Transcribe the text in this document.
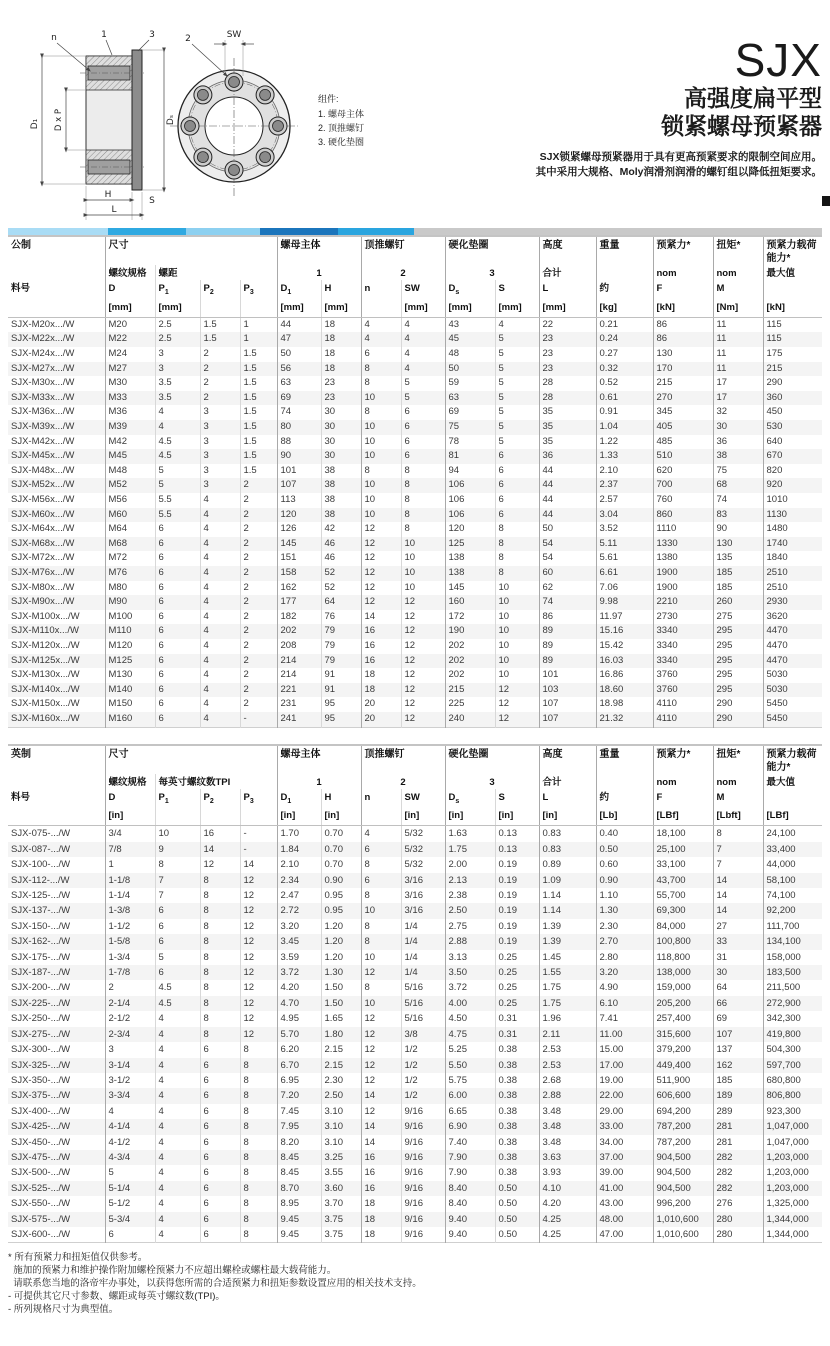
D₁ D x P	Dₛ
H
S
L
n	1	3	SW
2
组件:
1. 螺母主体
2. 顶推螺钉
3. 硬化垫圈
SJX
高强度扁平型
锁紧螺母预紧器
SJX锁紧螺母预紧器用于具有更高预紧要求的限制空间应用。
其中采用大规格、Moly润滑剂润滑的螺钉组以降低扭矩要求。
公制	尺寸				螺母主体		顶推螺钉		硬化垫圈		高度	重量	预紧力*	扭矩*	预紧力载荷能力*
	螺纹规格	螺距			1		2		3		合计		nom	nom	最大值
料号	D	$P_1$	$P_2$	$P_3$	$D_1$	H	n	SW	$D_s$	S	L	约	F	M	
	[mm]	[mm]			[mm]	[mm]		[mm]	[mm]	[mm]	[mm]	[kg]	[kN]	[Nm]	[kN]
SJX-M20x.../W	M20	2.5	1.5	1	44	18	4	4	43	4	22	0.21	86	11	115
SJX-M22x.../W	M22	2.5	1.5	1	47	18	4	4	45	5	23	0.24	86	11	115
SJX-M24x.../W	M24	3	2	1.5	50	18	6	4	48	5	23	0.27	130	11	175
SJX-M27x.../W	M27	3	2	1.5	56	18	8	4	50	5	23	0.32	170	11	215
SJX-M30x.../W	M30	3.5	2	1.5	63	23	8	5	59	5	28	0.52	215	17	290
SJX-M33x.../W	M33	3.5	2	1.5	69	23	10	5	63	5	28	0.61	270	17	360
SJX-M36x.../W	M36	4	3	1.5	74	30	8	6	69	5	35	0.91	345	32	450
SJX-M39x.../W	M39	4	3	1.5	80	30	10	6	75	5	35	1.04	405	30	530
SJX-M42x.../W	M42	4.5	3	1.5	88	30	10	6	78	5	35	1.22	485	36	640
SJX-M45x.../W	M45	4.5	3	1.5	90	30	10	6	81	6	36	1.33	510	38	670
SJX-M48x.../W	M48	5	3	1.5	101	38	8	8	94	6	44	2.10	620	75	820
SJX-M52x.../W	M52	5	3	2	107	38	10	8	106	6	44	2.37	700	68	920
SJX-M56x.../W	M56	5.5	4	2	113	38	10	8	106	6	44	2.57	760	74	1010
SJX-M60x.../W	M60	5.5	4	2	120	38	10	8	106	6	44	3.04	860	83	1130
SJX-M64x.../W	M64	6	4	2	126	42	12	8	120	8	50	3.52	1110	90	1480
SJX-M68x.../W	M68	6	4	2	145	46	12	10	125	8	54	5.11	1330	130	1740
SJX-M72x.../W	M72	6	4	2	151	46	12	10	138	8	54	5.61	1380	135	1840
SJX-M76x.../W	M76	6	4	2	158	52	12	10	138	8	60	6.61	1900	185	2510
SJX-M80x.../W	M80	6	4	2	162	52	12	10	145	10	62	7.06	1900	185	2510
SJX-M90x.../W	M90	6	4	2	177	64	12	12	160	10	74	9.98	2210	260	2930
SJX-M100x.../W	M100	6	4	2	182	76	14	12	172	10	86	11.97	2730	275	3620
SJX-M110x.../W	M110	6	4	2	202	79	16	12	190	10	89	15.16	3340	295	4470
SJX-M120x.../W	M120	6	4	2	208	79	16	12	202	10	89	15.42	3340	295	4470
SJX-M125x.../W	M125	6	4	2	214	79	16	12	202	10	89	16.03	3340	295	4470
SJX-M130x.../W	M130	6	4	2	214	91	18	12	202	10	101	16.86	3760	295	5030
SJX-M140x.../W	M140	6	4	2	221	91	18	12	215	12	103	18.60	3760	295	5030
SJX-M150x.../W	M150	6	4	2	231	95	20	12	225	12	107	18.98	4110	290	5450
SJX-M160x.../W	M160	6	4	-	241	95	20	12	240	12	107	21.32	4110	290	5450
英制	尺寸				螺母主体		顶推螺钉		硬化垫圈		高度	重量	预紧力*	扭矩*	预紧力载荷能力*
	螺纹规格	每英寸螺纹数TPI			1		2		3		合计		nom	nom	最大值
料号	D	$P_1$	$P_2$	$P_3$	$D_1$	H	n	SW	$D_s$	S	L	约	F	M	
	[in]				[in]	[in]		[in]	[in]	[in]	[in]	[Lb]	[LBf]	[Lbft]	[LBf]
SJX-075-.../W	3/4	10	16	-	1.70	0.70	4	5/32	1.63	0.13	0.83	0.40	18,100	8	24,100
SJX-087-.../W	7/8	9	14	-	1.84	0.70	6	5/32	1.75	0.13	0.83	0.50	25,100	7	33,400
SJX-100-.../W	1	8	12	14	2.10	0.70	8	5/32	2.00	0.19	0.89	0.60	33,100	7	44,000
SJX-112-.../W	1-1/8	7	8	12	2.34	0.90	6	3/16	2.13	0.19	1.09	0.90	43,700	14	58,100
SJX-125-.../W	1-1/4	7	8	12	2.47	0.95	8	3/16	2.38	0.19	1.14	1.10	55,700	14	74,100
SJX-137-.../W	1-3/8	6	8	12	2.72	0.95	10	3/16	2.50	0.19	1.14	1.30	69,300	14	92,200
SJX-150-.../W	1-1/2	6	8	12	3.20	1.20	8	1/4	2.75	0.19	1.39	2.30	84,000	27	111,700
SJX-162-.../W	1-5/8	6	8	12	3.45	1.20	8	1/4	2.88	0.19	1.39	2.70	100,800	33	134,100
SJX-175-.../W	1-3/4	5	8	12	3.59	1.20	10	1/4	3.13	0.25	1.45	2.80	118,800	31	158,000
SJX-187-.../W	1-7/8	6	8	12	3.72	1.30	12	1/4	3.50	0.25	1.55	3.20	138,000	30	183,500
SJX-200-.../W	2	4.5	8	12	4.20	1.50	8	5/16	3.72	0.25	1.75	4.90	159,000	64	211,500
SJX-225-.../W	2-1/4	4.5	8	12	4.70	1.50	10	5/16	4.00	0.25	1.75	6.10	205,200	66	272,900
SJX-250-.../W	2-1/2	4	8	12	4.95	1.65	12	5/16	4.50	0.31	1.96	7.41	257,400	69	342,300
SJX-275-.../W	2-3/4	4	8	12	5.70	1.80	12	3/8	4.75	0.31	2.11	11.00	315,600	107	419,800
SJX-300-.../W	3	4	6	8	6.20	2.15	12	1/2	5.25	0.38	2.53	15.00	379,200	137	504,300
SJX-325-.../W	3-1/4	4	6	8	6.70	2.15	12	1/2	5.50	0.38	2.53	17.00	449,400	162	597,700
SJX-350-.../W	3-1/2	4	6	8	6.95	2.30	12	1/2	5.75	0.38	2.68	19.00	511,900	185	680,800
SJX-375-.../W	3-3/4	4	6	8	7.20	2.50	14	1/2	6.00	0.38	2.88	22.00	606,600	189	806,800
SJX-400-.../W	4	4	6	8	7.45	3.10	12	9/16	6.65	0.38	3.48	29.00	694,200	289	923,300
SJX-425-.../W	4-1/4	4	6	8	7.95	3.10	14	9/16	6.90	0.38	3.48	33.00	787,200	281	1,047,000
SJX-450-.../W	4-1/2	4	6	8	8.20	3.10	14	9/16	7.40	0.38	3.48	34.00	787,200	281	1,047,000
SJX-475-.../W	4-3/4	4	6	8	8.45	3.25	16	9/16	7.90	0.38	3.63	37.00	904,500	282	1,203,000
SJX-500-.../W	5	4	6	8	8.45	3.55	16	9/16	7.90	0.38	3.93	39.00	904,500	282	1,203,000
SJX-525-.../W	5-1/4	4	6	8	8.70	3.60	16	9/16	8.40	0.50	4.10	41.00	904,500	282	1,203,000
SJX-550-.../W	5-1/2	4	6	8	8.95	3.70	18	9/16	8.40	0.50	4.20	43.00	996,200	276	1,325,000
SJX-575-.../W	5-3/4	4	6	8	9.45	3.75	18	9/16	9.40	0.50	4.25	48.00	1,010,600	280	1,344,000
SJX-600-.../W	6	4	6	8	9.45	3.75	18	9/16	9.40	0.50	4.25	47.00	1,010,600	280	1,344,000
* 所有预紧力和扭矩值仅供参考。
施加的预紧力和维护操作附加螺栓预紧力不应超出螺栓或螺柱最大载荷能力。
请联系您当地的洛帝牢办事处，以获得您所需的合适预紧力和扭矩参数设置应用的相关技术支持。
- 可提供其它尺寸参数、螺距或每英寸螺纹数(TPI)。
- 所列规格尺寸为典型值。
